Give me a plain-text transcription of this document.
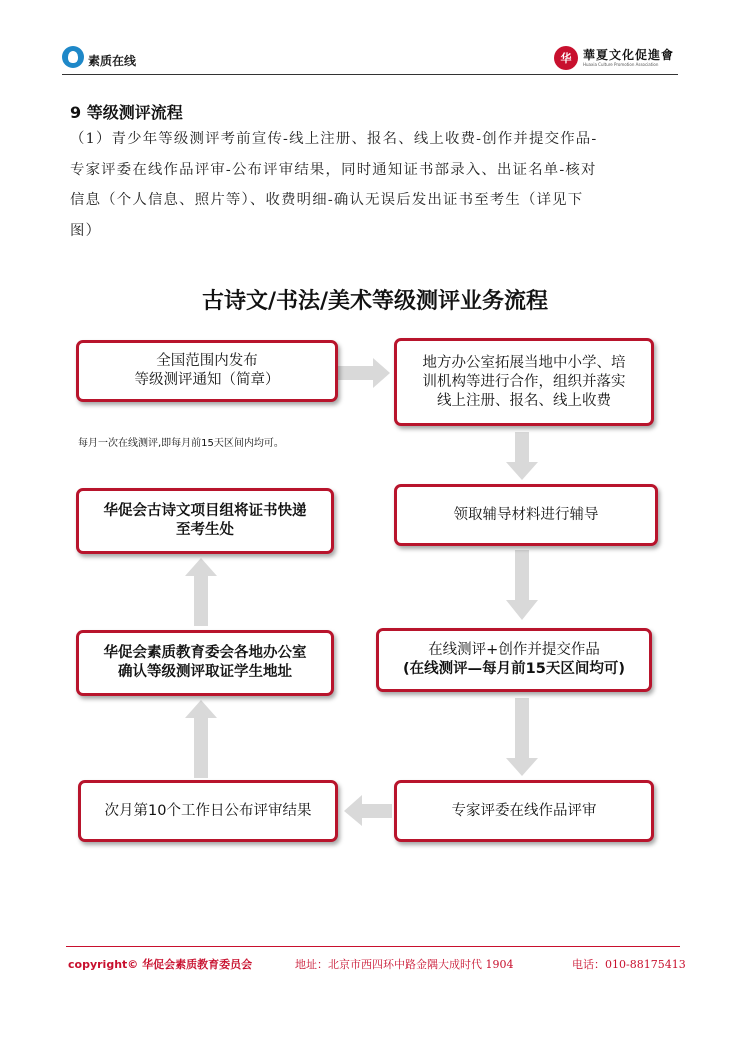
素质在线	华 華夏文化促進會
Huaxia Culture Promotion Association
9 等级测评流程
（1）青少年等级测评考前宣传-线上注册、报名、线上收费-创作并提交作品-
专家评委在线作品评审-公布评审结果，同时通知证书部录入、出证名单-核对
信息（个人信息、照片等）、收费明细-确认无误后发出证书至考生（详见下
图）
古诗文/书法/美术等级测评业务流程
全国范围内发布
等级测评通知（简章）
地方办公室拓展当地中小学、培
训机构等进行合作，组织并落实
线上注册、报名、线上收费
每月一次在线测评,即每月前15天区间内均可。
领取辅导材料进行辅导
在线测评+创作并提交作品
(在线测评—每月前15天区间均可)
专家评委在线作品评审
次月第10个工作日公布评审结果
华促会素质教育委会各地办公室
确认等级测评取证学生地址
华促会古诗文项目组将证书快递
至考生处
copyright© 华促会素质教育委员会	地址：北京市西四环中路金隅大成时代 1904	电话：010-88175413
